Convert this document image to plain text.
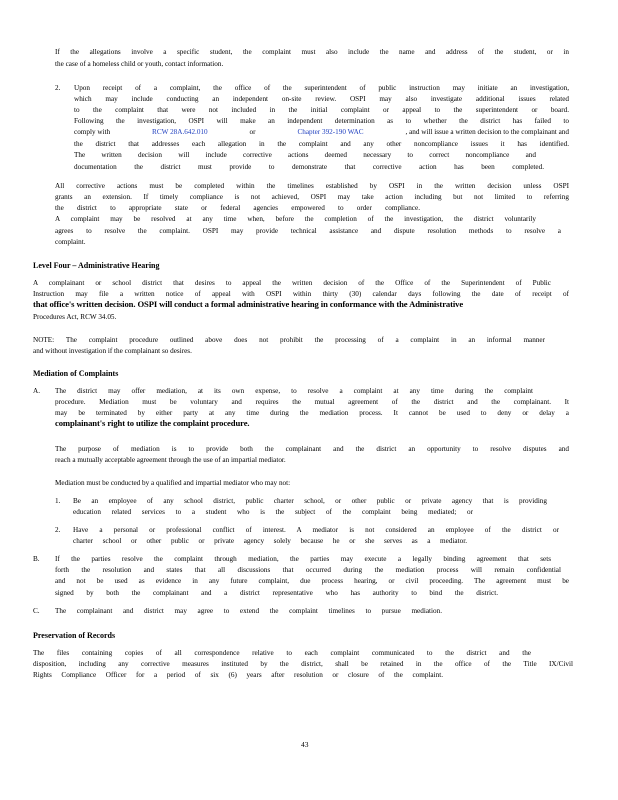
If the allegations involve a specific student, the complaint must also include the name and address of the student, or in
the case of a homeless child or youth, contact information.
2. Upon receipt of a complaint, the office of the superintendent of public instruction may initiate an investigation,
which may include conducting an independent on-site review. OSPI may also investigate additional issues related
to the complaint that were not included in the initial complaint or appeal to the superintendent or board.
Following the investigation, OSPI will make an independent determination as to whether the district has failed to
comply with	RCW 28A.642.010	or	Chapter 392-190 WAC	, and will issue a written decision to the complainant and
the district that addresses each allegation in the complaint and any other noncompliance issues it has identified.
The written decision will include corrective actions deemed necessary to correct noncompliance and
documentation the district must provide to demonstrate that corrective action has been completed.
All corrective actions must be completed within the timelines established by OSPI in the written decision unless OSPI
grants an extension. If timely compliance is not achieved, OSPI may take action including but not limited to referring
the district to appropriate state or federal agencies empowered to order compliance.
A complaint may be resolved at any time when, before the completion of the investigation, the district voluntarily
agrees to resolve the complaint. OSPI may provide technical assistance and dispute resolution methods to resolve a
complaint.
Level Four – Administrative Hearing
A complainant or school district that desires to appeal the written decision of the Office of the Superintendent of Public
Instruction may file a written notice of appeal with OSPI within thirty (30) calendar days following the date of receipt of
that office's written decision. OSPI will conduct a formal administrative hearing in conformance with the Administrative
Procedures Act, RCW 34.05.
NOTE: The complaint procedure outlined above does not prohibit the processing of a complaint in an informal manner
and without investigation if the complainant so desires.
Mediation of Complaints
A. The district may offer mediation, at its own expense, to resolve a complaint at any time during the complaint
procedure. Mediation must be voluntary and requires the mutual agreement of the district and the complainant. It
may be terminated by either party at any time during the mediation process. It cannot be used to deny or delay a
complainant's right to utilize the complaint procedure.
The purpose of mediation is to provide both the complainant and the district an opportunity to resolve disputes and
reach a mutually acceptable agreement through the use of an impartial mediator.
Mediation must be conducted by a qualified and impartial mediator who may not:
1. Be an employee of any school district, public charter school, or other public or private agency that is providing
education related services to a student who is the subject of the complaint being mediated; or
2. Have a personal or professional conflict of interest. A mediator is not considered an employee of the district or
charter school or other public or private agency solely because he or she serves as a mediator.
B. If the parties resolve the complaint through mediation, the parties may execute a legally binding agreement that sets
forth the resolution and states that all discussions that occurred during the mediation process will remain confidential
and not be used as evidence in any future complaint, due process hearing, or civil proceeding. The agreement must be
signed by both the complainant and a district representative who has authority to bind the district.
C. The complainant and district may agree to extend the complaint timelines to pursue mediation.
Preservation of Records
The files containing copies of all correspondence relative to each complaint communicated to the district and the
disposition, including any corrective measures instituted by the district, shall be retained in the office of the Title IX/Civil
Rights Compliance Officer for a period of six (6) years after resolution or closure of the complaint.
43
